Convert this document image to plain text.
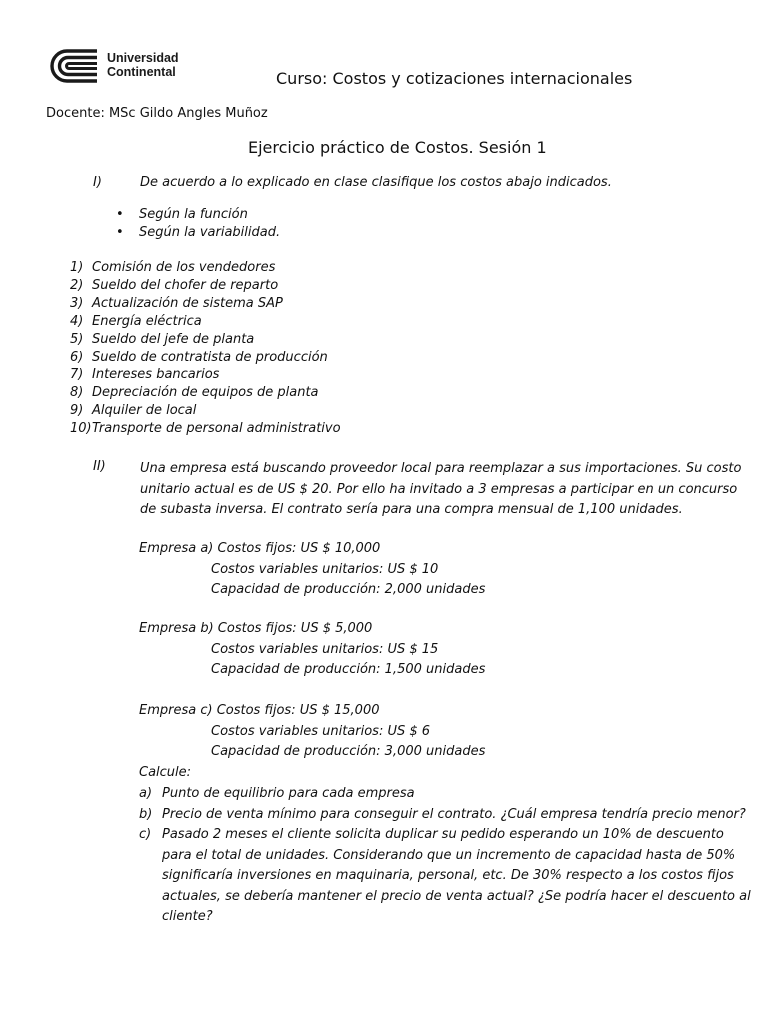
Universidad
Continental	Curso: Costos y cotizaciones internacionales
Docente: MSc Gildo Angles Muñoz
Ejercicio práctico de Costos. Sesión 1
I)	De acuerdo a lo explicado en clase clasifique los costos abajo indicados.
• Según la función
• Según la variabilidad.
1) Comisión de los vendedores
2) Sueldo del chofer de reparto
3) Actualización de sistema SAP
4) Energía eléctrica
5) Sueldo del jefe de planta
6) Sueldo de contratista de producción
7) Intereses bancarios
8) Depreciación de equipos de planta
9) Alquiler de local
10) Transporte de personal administrativo
II)	Una empresa está buscando proveedor local para reemplazar a sus importaciones. Su costo
unitario actual es de US $ 20. Por ello ha invitado a 3 empresas a participar en un concurso
de subasta inversa. El contrato sería para una compra mensual de 1,100 unidades.
Empresa a) Costos fijos: US $ 10,000
Costos variables unitarios: US $ 10
Capacidad de producción: 2,000 unidades
Empresa b) Costos fijos: US $ 5,000
Costos variables unitarios: US $ 15
Capacidad de producción: 1,500 unidades
Empresa c) Costos fijos: US $ 15,000
Costos variables unitarios: US $ 6
Capacidad de producción: 3,000 unidades
Calcule:
a) Punto de equilibrio para cada empresa
b) Precio de venta mínimo para conseguir el contrato. ¿Cuál empresa tendría precio menor?
c) Pasado 2 meses el cliente solicita duplicar su pedido esperando un 10% de descuento
para el total de unidades. Considerando que un incremento de capacidad hasta de 50%
significaría inversiones en maquinaria, personal, etc. De 30% respecto a los costos fijos
actuales, se debería mantener el precio de venta actual? ¿Se podría hacer el descuento al
cliente?
